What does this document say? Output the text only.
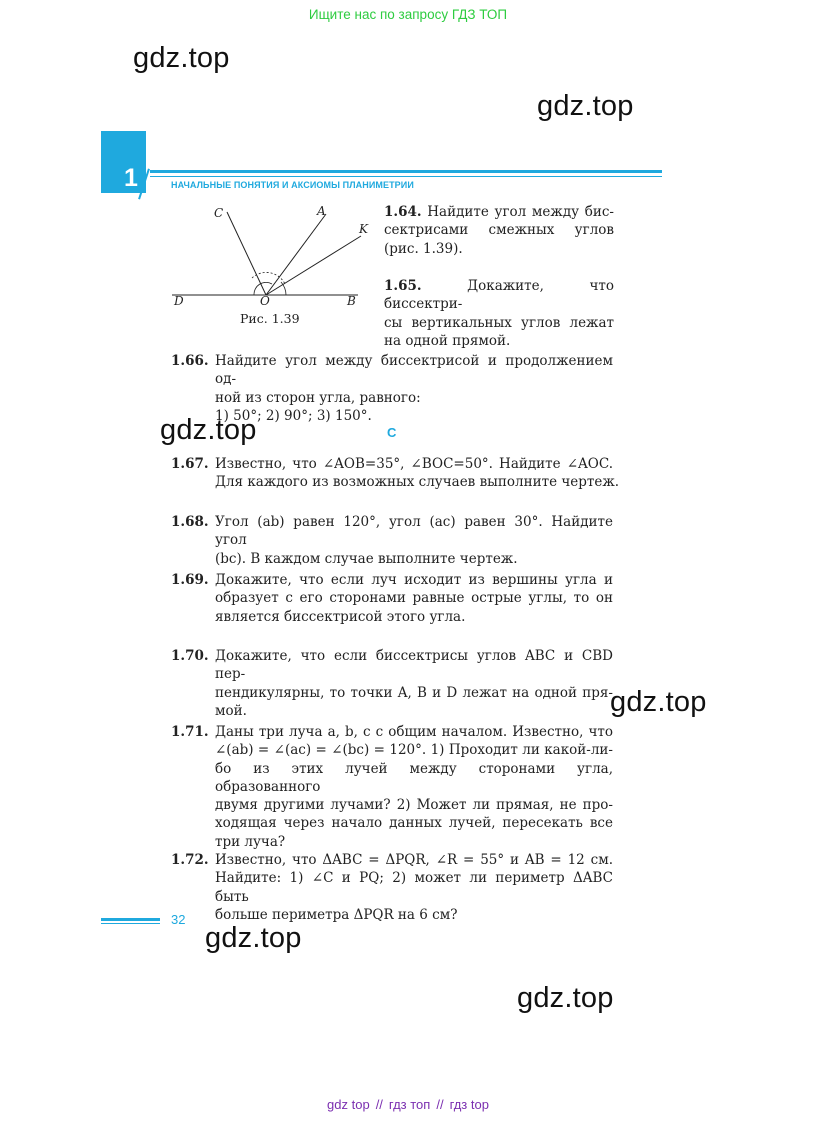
Ищите нас по запросу ГДЗ ТОП
gdz.top
gdz.top
gdz.top
gdz.top
gdz.top
gdz.top
1	НАЧАЛЬНЫЕ ПОНЯТИЯ И АКСИОМЫ ПЛАНИМЕТРИИ
C	A
K
D	O	B
Рис. 1.39
1.64. Найдите угол между бис-
сектрисами смежных углов
(рис. 1.39).
1.65.	Докажите, что биссектри-
сы вертикальных углов лежат
на одной прямой.
1.66. Найдите угол между биссектрисой и продолжением од-
ной из сторон угла, равного:
1) 50°; 2) 90°; 3) 150°.
С
1.67. Известно, что ∠AOB=35°, ∠BOC=50°. Найдите ∠AOC.
Для каждого из возможных случаев выполните чертеж.
1.68. Угол (ab) равен 120°, угол (ac) равен 30°. Найдите угол
(bc). В каждом случае выполните чертеж.
1.69. Докажите, что если луч исходит из вершины угла и
образует с его сторонами равные острые углы, то он
является биссектрисой этого угла.
1.70. Докажите, что если биссектрисы углов ABC и CBD пер-
пендикулярны, то точки A, B и D лежат на одной пря-
мой.
1.71. Даны три луча a, b, c с общим началом. Известно, что
∠(ab) = ∠(ac) = ∠(bc) = 120°. 1) Проходит ли какой-ли-
бо из этих лучей между сторонами угла, образованного
двумя другими лучами? 2) Может ли прямая, не про-
ходящая через начало данных лучей, пересекать все
три луча?
1.72. Известно, что ΔABC = ΔPQR, ∠R = 55° и AB = 12 см.
Найдите: 1) ∠C и PQ; 2) может ли периметр ΔABC быть
больше периметра ΔPQR на 6 см?
32
gdz top // гдз топ // гдз top
